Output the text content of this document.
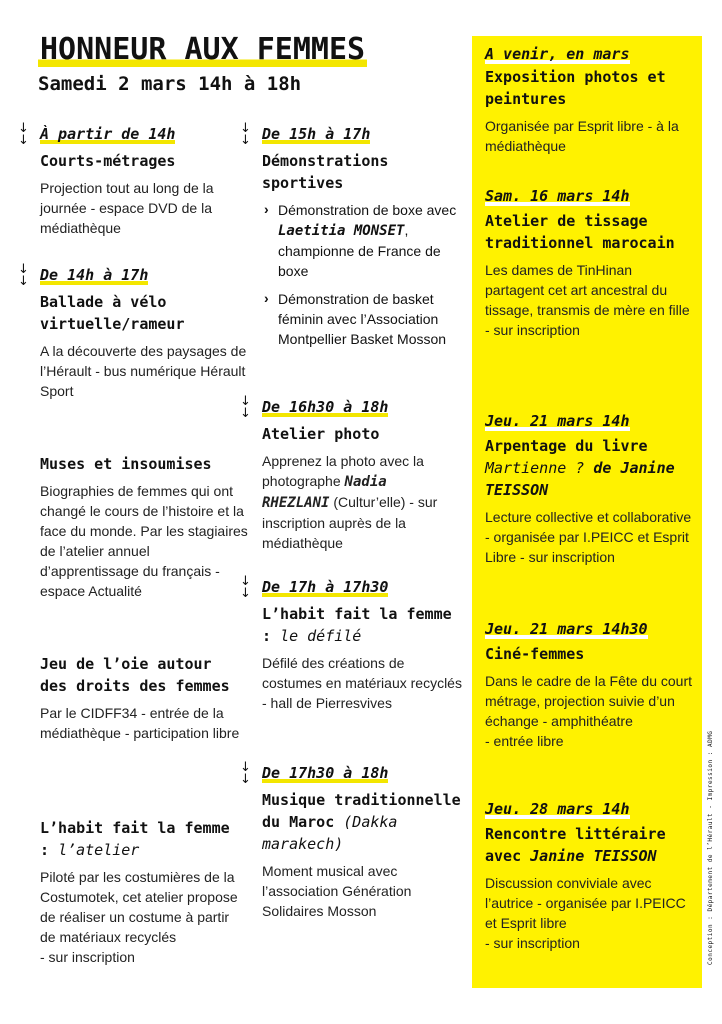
HONNEUR AUX FEMMES
Samedi 2 mars 14h à 18h
↓
↓ À partir de 14h
Courts-métrages
Projection tout au long de la journée - espace DVD de la médiathèque
↓
↓ De 14h à 17h
Ballade à vélo virtuelle/rameur
A la découverte des paysages de l’Hérault - bus numérique Hérault Sport
Muses et insoumises
Biographies de femmes qui ont changé le cours de l’histoire et la face du monde. Par les stagiaires de l’atelier annuel d’apprentissage du français - espace Actualité
Jeu de l’oie autour des droits des femmes
Par le CIDFF34 - entrée de la médiathèque - participation libre
L’habit fait la femme : l’atelier
Piloté par les costumières de la Costumotek, cet atelier propose de réaliser un costume à partir de matériaux recyclés
- sur inscription
↓
↓ De 15h à 17h
Démonstrations sportives
› Démonstration de boxe avec Laetitia MONSET, championne de France de boxe
› Démonstration de basket féminin avec l’Association Montpellier Basket Mosson
↓
↓ De 16h30 à 18h
Atelier photo
Apprenez la photo avec la photographe Nadia RHEZLANI (Cultur’elle) - sur inscription auprès de la médiathèque
↓
↓ De 17h à 17h30
L’habit fait la femme : le défilé
Défilé des créations de costumes en matériaux recyclés - hall de Pierresvives
↓
↓ De 17h30 à 18h
Musique traditionnelle du Maroc (Dakka marakech)
Moment musical avec l’association Génération Solidaires Mosson
A venir, en mars
Exposition photos et peintures
Organisée par Esprit libre - à la médiathèque
Sam. 16 mars 14h
Atelier de tissage traditionnel marocain
Les dames de TinHinan partagent cet art ancestral du tissage, transmis de mère en fille
- sur inscription
Jeu. 21 mars 14h
Arpentage du livre Martienne ? de Janine TEISSON
Lecture collective et collaborative - organisée par I.PEICC et Esprit Libre - sur inscription
Jeu. 21 mars 14h30
Ciné-femmes
Dans le cadre de la Fête du court métrage, projection suivie d’un échange - amphithéatre
- entrée libre
Jeu. 28 mars 14h
Rencontre littéraire avec Janine TEISSON
Discussion conviviale avec l’autrice - organisée par I.PEICC et Esprit libre
- sur inscription	Conception : Département de l’Hérault - Impression : ADMG
